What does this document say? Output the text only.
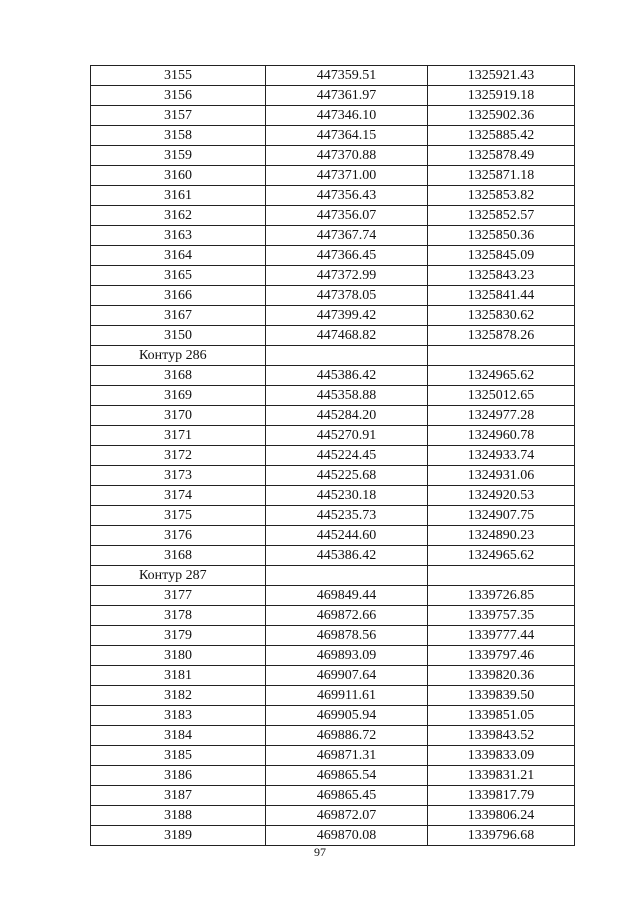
3155	447359.51	1325921.43
3156	447361.97	1325919.18
3157	447346.10	1325902.36
3158	447364.15	1325885.42
3159	447370.88	1325878.49
3160	447371.00	1325871.18
3161	447356.43	1325853.82
3162	447356.07	1325852.57
3163	447367.74	1325850.36
3164	447366.45	1325845.09
3165	447372.99	1325843.23
3166	447378.05	1325841.44
3167	447399.42	1325830.62
3150	447468.82	1325878.26
Контур 286		
3168	445386.42	1324965.62
3169	445358.88	1325012.65
3170	445284.20	1324977.28
3171	445270.91	1324960.78
3172	445224.45	1324933.74
3173	445225.68	1324931.06
3174	445230.18	1324920.53
3175	445235.73	1324907.75
3176	445244.60	1324890.23
3168	445386.42	1324965.62
Контур 287		
3177	469849.44	1339726.85
3178	469872.66	1339757.35
3179	469878.56	1339777.44
3180	469893.09	1339797.46
3181	469907.64	1339820.36
3182	469911.61	1339839.50
3183	469905.94	1339851.05
3184	469886.72	1339843.52
3185	469871.31	1339833.09
3186	469865.54	1339831.21
3187	469865.45	1339817.79
3188	469872.07	1339806.24
3189	469870.08	1339796.68
97
